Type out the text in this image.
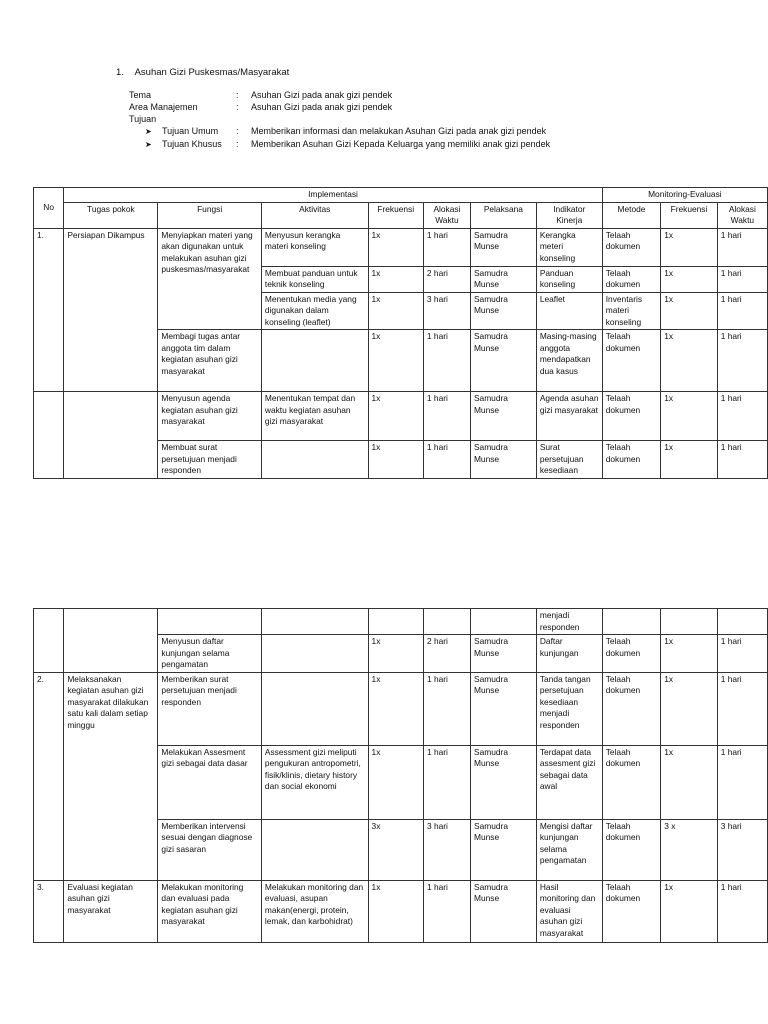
1. Asuhan Gizi Puskesmas/Masyarakat
Tema	: Asuhan Gizi pada anak gizi pendek
Area Manajemen	: Asuhan Gizi pada anak gizi pendek
Tujuan
➤ Tujuan Umum : Memberikan informasi dan melakukan Asuhan Gizi pada anak gizi pendek
➤ Tujuan Khusus : Memberikan Asuhan Gizi Kepada Keluarga yang memiliki anak gizi pendek
No	Implementasi							Monitoring-Evaluasi		
	Tugas pokok	Fungsi	Aktivitas	Frekuensi	Alokasi Waktu	Pelaksana	Indikator Kinerja	Metode	Frekuensi	Alokasi Waktu
1.	Persiapan Dikampus	Menyiapkan materi yang akan digunakan untuk melakukan asuhan gizi puskesmas/masyarakat	Menyusun kerangka materi konseling	1x	1 hari	Samudra Munse	Kerangka meteri konseling	Telaah dokumen	1x	1 hari
			Membuat panduan untuk teknik konseling	1x	2 hari	Samudra Munse	Panduan konseling	Telaah dokumen	1x	1 hari
			Menentukan media yang digunakan dalam konseling (leaflet)	1x	3 hari	Samudra Munse	Leaflet	Inventaris materi konseling	1x	1 hari
		Membagi tugas antar anggota tim dalam kegiatan asuhan gizi masyarakat		1x	1 hari	Samudra Munse	Masing-masing anggota mendapatkan dua kasus	Telaah dokumen	1x	1 hari
		Menyusun agenda kegiatan asuhan gizi masyarakat	Menentukan tempat dan waktu kegiatan asuhan gizi masyarakat	1x	1 hari	Samudra Munse	Agenda asuhan gizi masyarakat	Telaah dokumen	1x	1 hari
		Membuat surat persetujuan menjadi responden		1x	1 hari	Samudra Munse	Surat persetujuan kesediaan	Telaah dokumen	1x	1 hari
							menjadi responden			
		Menyusun daftar kunjungan selama pengamatan		1x	2 hari	Samudra Munse	Daftar kunjungan	Telaah dokumen	1x	1 hari
2.	Melaksanakan kegiatan asuhan gizi masyarakat dilakukan satu kali dalam setiap minggu	Memberikan surat persetujuan menjadi responden		1x	1 hari	Samudra Munse	Tanda tangan persetujuan kesediaan menjadi responden	Telaah dokumen	1x	1 hari
		Melakukan Assesment gizi sebagai data dasar	Assessment gizi meliputi pengukuran antropometri, fisik/klinis, dietary history dan social ekonomi	1x	1 hari	Samudra Munse	Terdapat data assesment gizi sebagai data awal	Telaah dokumen	1x	1 hari
		Memberikan intervensi sesuai dengan diagnose gizi sasaran		3x	3 hari	Samudra Munse	Mengisi daftar kunjungan selama pengamatan	Telaah dokumen	3 x	3 hari
3.	Evaluasi kegiatan asuhan gizi masyarakat	Melakukan monitoring dan evaluasi pada kegiatan asuhan gizi masyarakat	Melakukan monitoring dan evaluasi, asupan makan(energi, protein, lemak, dan karbohidrat)	1x	1 hari	Samudra Munse	Hasil monitoring dan evaluasi asuhan gizi masyarakat	Telaah dokumen	1x	1 hari
